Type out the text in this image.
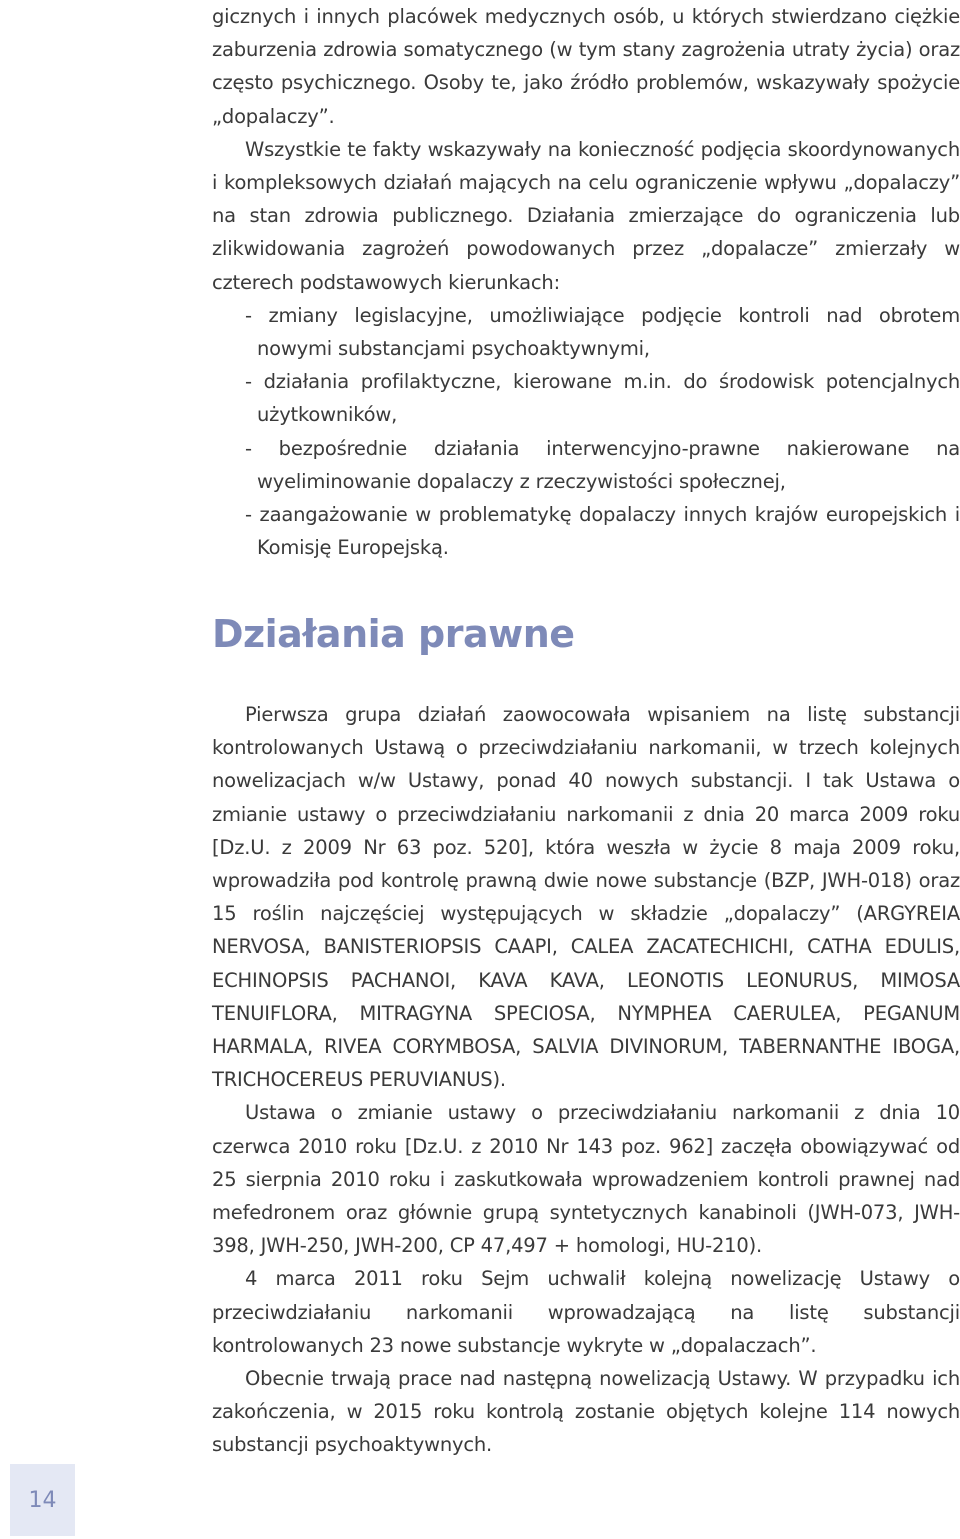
gicznych i innych placówek medycznych osób, u których stwierdzano ciężkie zaburzenia zdrowia somatycznego (w tym stany zagrożenia utraty życia) oraz często psychicznego. Osoby te, jako źródło problemów, wskazywały spożycie „dopalaczy”.

Wszystkie te fakty wskazywały na konieczność podjęcia skoordynowanych i kompleksowych działań mających na celu ograniczenie wpływu „dopalaczy” na stan zdrowia publicznego. Działania zmierzające do ograniczenia lub zlikwidowania zagrożeń powodowanych przez „dopalacze” zmierzały w czterech podstawowych kierunkach:

- zmiany legislacyjne, umożliwiające podjęcie kontroli nad obrotem nowymi substancjami psychoaktywnymi,
- działania profilaktyczne, kierowane m.in. do środowisk potencjalnych użytkowników,
- bezpośrednie działania interwencyjno-prawne nakierowane na wyeliminowanie dopalaczy z rzeczywistości społecznej,
- zaangażowanie w problematykę dopalaczy innych krajów europejskich i Komisję Europejską.
Działania prawne

Pierwsza grupa działań zaowocowała wpisaniem na listę substancji kontrolowanych Ustawą o przeciwdziałaniu narkomanii, w trzech kolejnych nowelizacjach w/w Ustawy, ponad 40 nowych substancji. I tak Ustawa o zmianie ustawy o przeciwdziałaniu narkomanii z dnia 20 marca 2009 roku [Dz.U. z 2009 Nr 63 poz. 520], która weszła w życie 8 maja 2009 roku, wprowadziła pod kontrolę prawną dwie nowe substancje (BZP, JWH-018) oraz 15 roślin najczęściej występujących w składzie „dopalaczy” (ARGYREIA NERVOSA, BANISTERIOPSIS CAAPI, CALEA ZACATECHICHI, CATHA EDULIS, ECHINOPSIS PACHANOI, KAVA KAVA, LEONOTIS LEONURUS, MIMOSA TENUIFLORA, MITRAGYNA SPECIOSA, NYMPHEA CAERULEA, PEGANUM HARMALA, RIVEA CORYMBOSA, SALVIA DIVINORUM, TABERNANTHE IBOGA, TRICHOCEREUS PERUVIANUS).

Ustawa o zmianie ustawy o przeciwdziałaniu narkomanii z dnia 10 czerwca 2010 roku [Dz.U. z 2010 Nr 143 poz. 962] zaczęła obowiązywać od 25 sierpnia 2010 roku i zaskutkowała wprowadzeniem kontroli prawnej nad mefedronem oraz głównie grupą syntetycznych kanabinoli (JWH-073, JWH-398, JWH-250, JWH-200, CP 47,497 + homologi, HU-210).

4 marca 2011 roku Sejm uchwalił kolejną nowelizację Ustawy o przeciwdziałaniu narkomanii wprowadzającą na listę substancji kontrolowanych 23 nowe substancje wykryte w „dopalaczach”.

Obecnie trwają prace nad następną nowelizacją Ustawy. W przypadku ich zakończenia, w 2015 roku kontrolą zostanie objętych kolejne 114 nowych substancji psychoaktywnych.

14
